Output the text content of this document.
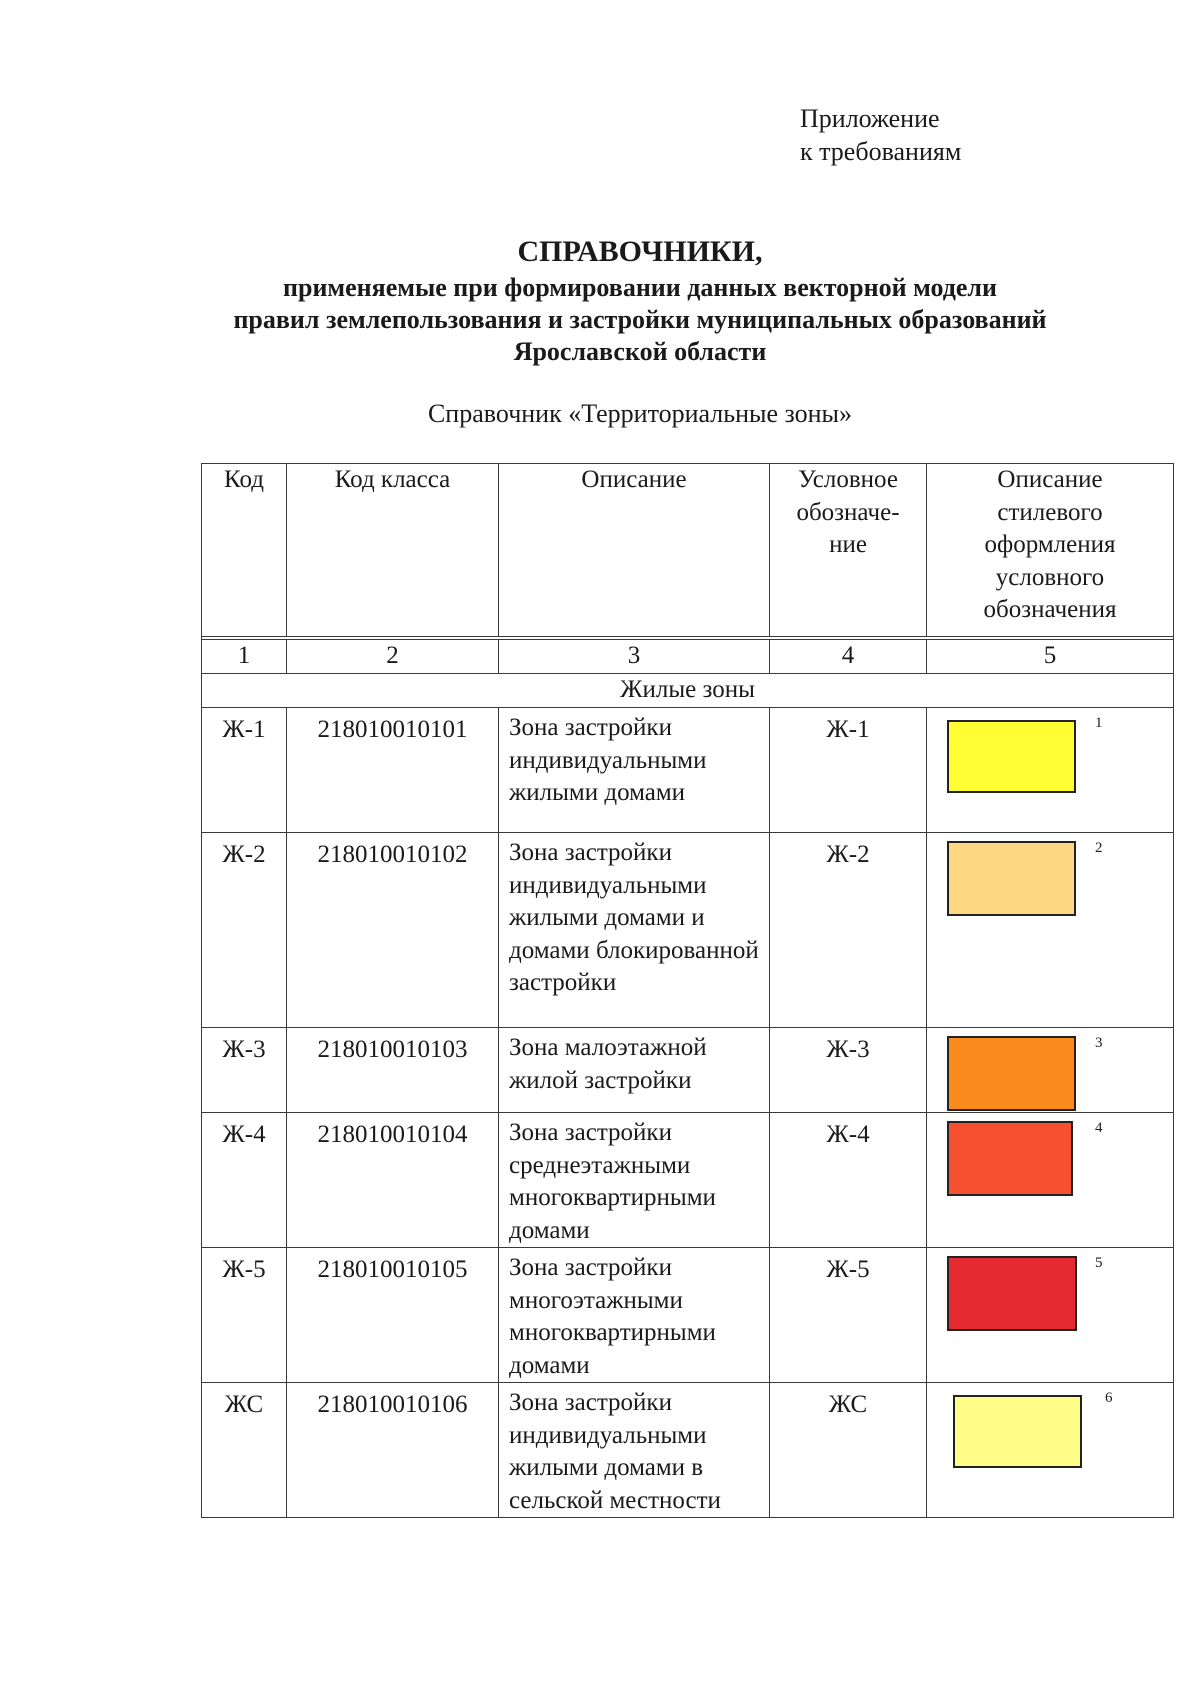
Приложение
к требованиям
СПРАВОЧНИКИ,
применяемые при формировании данных векторной модели
правил землепользования и застройки муниципальных образований
Ярославской области
Справочник «Территориальные зоны»
Код	Код класса	Описание	Условное обозначе-ние	Описание стилевого оформления условного обозначения

1	2	3	4	5
Жилые зоны				
Ж-1	218010010101	Зона застройки индивидуальными жилыми домами	Ж-1	1

Ж-2	218010010102	Зона застройки индивидуальными жилыми домами и домами блокированной застройки	Ж-2	2

Ж-3	218010010103	Зона малоэтажной жилой застройки	Ж-3	3

Ж-4	218010010104	Зона застройки среднеэтажными многоквартирными домами	Ж-4	4

Ж-5	218010010105	Зона застройки многоэтажными многоквартирными домами	Ж-5	5

ЖС	218010010106	Зона застройки индивидуальными жилыми домами в сельской местности	ЖС	6
